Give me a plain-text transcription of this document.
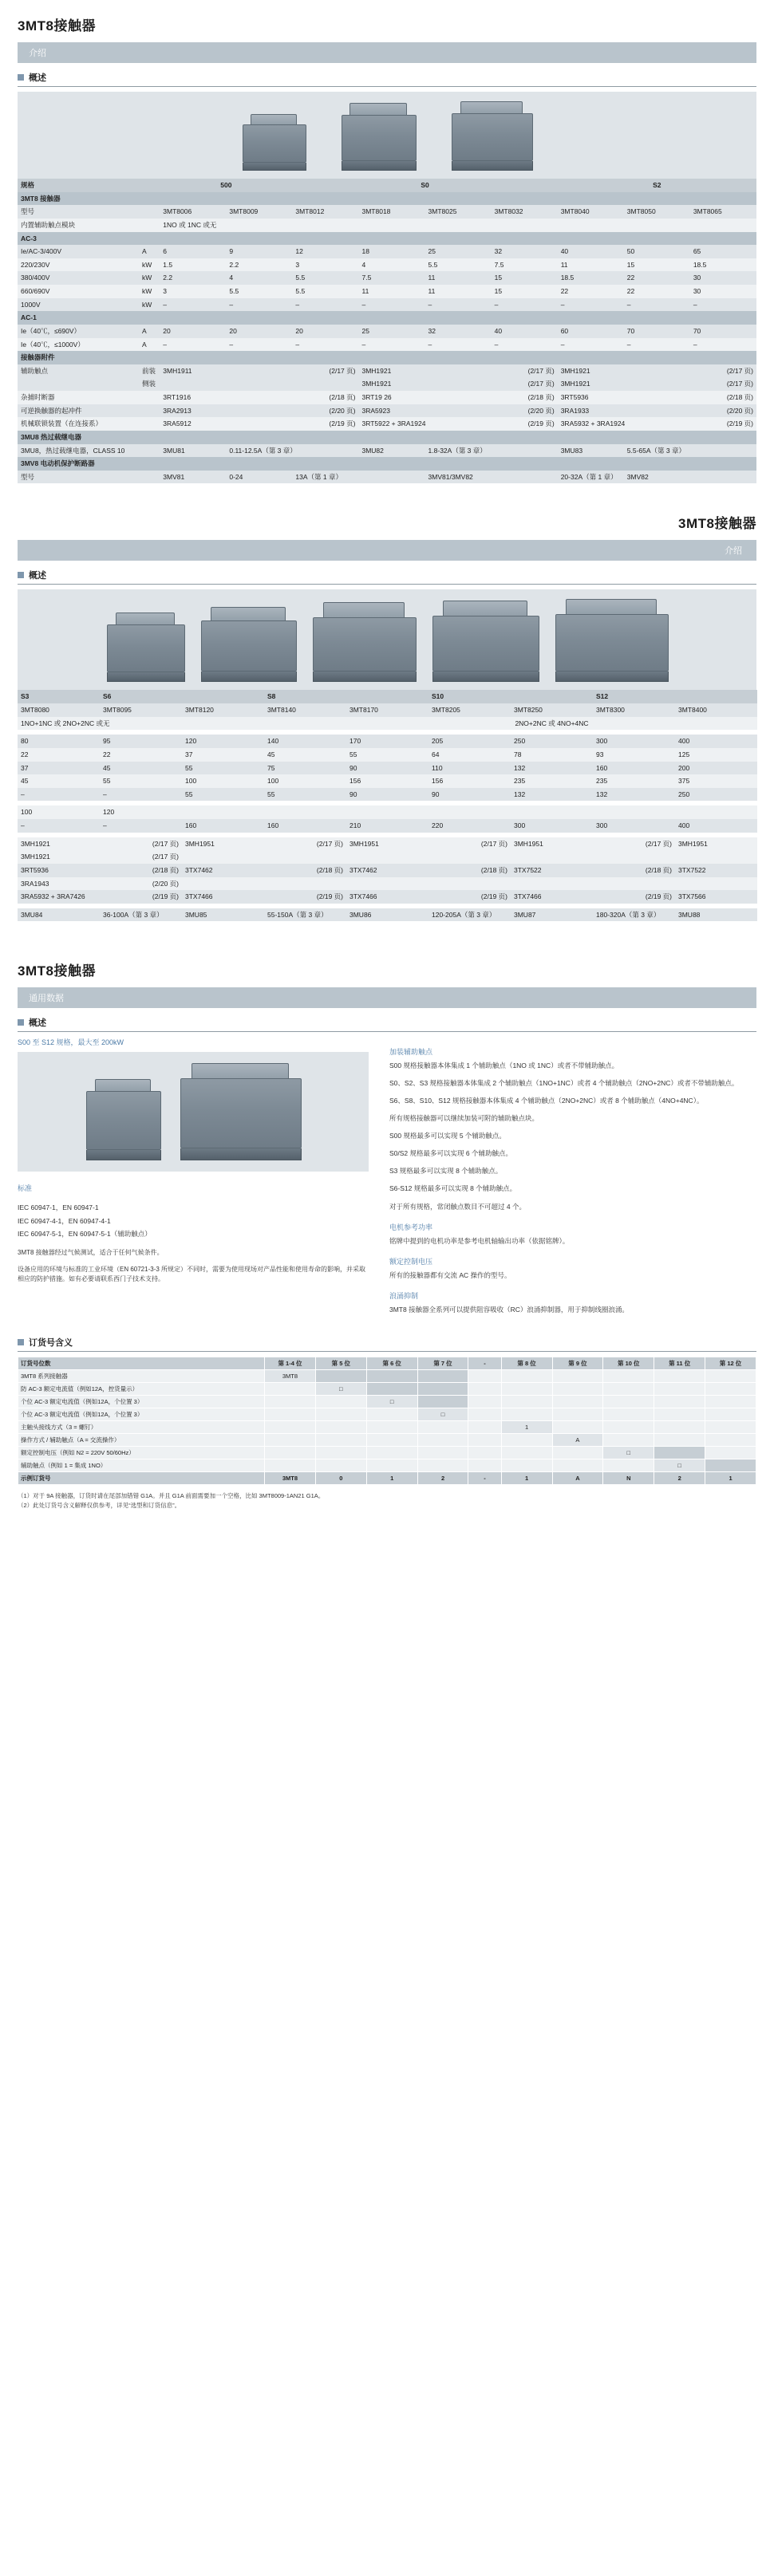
3MT8接触器
介绍
概述
规格		500		S0				S2		
3MT8 接触器										
型号		3MT8006	3MT8009	3MT8012	3MT8018	3MT8025	3MT8032	3MT8040	3MT8050	3MT8065
内置辅助触点模块		1NO 或 1NC 或无								
AC-3										
Ie/AC-3/400V	A	6	9	12	18	25	32	40	50	65
220/230V	kW	1.5	2.2	3	4	5.5	7.5	11	15	18.5
380/400V	kW	2.2	4	5.5	7.5	11	15	18.5	22	30
660/690V	kW	3	5.5	5.5	11	11	15	22	22	30
1000V	kW	–	–	–	–	–	–	–	–	–
AC-1										
Ie（40℃，≤690V）	A	20	20	20	25	32	40	60	70	70
Ie（40℃，≤1000V）	A	–	–	–	–	–	–	–	–	–
接触器附件										
辅助触点	前装	3MH1911		(2/17 页)	3MH1921		(2/17 页)	3MH1921		(2/17 页)
	侧装				3MH1921		(2/17 页)	3MH1921		(2/17 页)
杂捕时断器		3RT1916		(2/18 页)	3RT19 26		(2/18 页)	3RT5936		(2/18 页)
可逆换触器的起冲件		3RA2913		(2/20 页)	3RA5923		(2/20 页)	3RA1933		(2/20 页)
机械联锁装置（在连接系）		3RA5912		(2/19 页)	3RT5922 + 3RA1924		(2/19 页)	3RA5932 + 3RA1924		(2/19 页)
3MU8 热过载继电器										
3MU8，热过载继电器，CLASS 10		3MU81	0.11-12.5A（第 3 章）		3MU82	1.8-32A（第 3 章）		3MU83	5.5-65A（第 3 章）	
3MV8 电动机保护断路器										
型号		3MV81	0-24	13A（第 1 章）		3MV81/3MV82		20-32A（第 1 章）	3MV82	
3MT8接触器
介绍
概述
S3	S6		S8		S10		S12	
3MT8080	3MT8095	3MT8120	3MT8140	3MT8170	3MT8205	3MT8250	3MT8300	3MT8400
1NO+1NC 或 2NO+2NC 或无				2NO+2NC 或 4NO+4NC				

80	95	120	140	170	205	250	300	400
22	22	37	45	55	64	78	93	125
37	45	55	75	90	110	132	160	200
45	55	100	100	156	156	235	235	375
–	–	55	55	90	90	132	132	250

100	120							
–	–	160	160	210	220	300	300	400

3MH1921	(2/17 页)	3MH1951	(2/17 页)	3MH1951	(2/17 页)	3MH1951	(2/17 页)	3MH1951
3MH1921	(2/17 页)							
3RT5936	(2/18 页)	3TX7462	(2/18 页)	3TX7462	(2/18 页)	3TX7522	(2/18 页)	3TX7522
3RA1943	(2/20 页)							
3RA5932 + 3RA7426	(2/19 页)	3TX7466	(2/19 页)	3TX7466	(2/19 页)	3TX7466	(2/19 页)	3TX7566

3MU84	36-100A（第 3 章）	3MU85	55-150A（第 3 章）	3MU86	120-205A（第 3 章）	3MU87	180-320A（第 3 章）	3MU88
3MT8接触器
通用数据
概述
S00 至 S12 规格，最大至 200kW
标准
IEC 60947-1，EN 60947-1
IEC 60947-4-1，EN 60947-4-1
IEC 60947-5-1，EN 60947-5-1（辅助触点）

3MT8 接触器经过气候测试，适合于任何气候条件。

设备应用的环境与标准的工业环境（EN 60721-3-3 所规定）不同时，需要为使用现场对产品性能和使用寿命的影响，并采取相应的防护措施。如有必要请联系西门子技术支持。

加装辅助触点

S00 规格接触器本体集成 1 个辅助触点（1NO 或 1NC）或者不带辅助触点。

S0、S2、S3 规格接触器本体集成 2 个辅助触点（1NO+1NC）或者 4 个辅助触点（2NO+2NC）或者不带辅助触点。

S6、S8、S10、S12 规格接触器本体集成 4 个辅助触点（2NO+2NC）或者 8 个辅助触点（4NO+4NC）。

所有规格接触器可以继续加装可附的辅助触点块。

S00 规格最多可以实现 5 个辅助触点。

S0/S2 规格最多可以实现 6 个辅助触点。

S3 规格最多可以实现 8 个辅助触点。

S6-S12 规格最多可以实现 8 个辅助触点。

对于所有规格，常闭触点数目不可超过 4 个。

电机参考功率

铭牌中提到的电机功率是参考电机轴输出功率（依据铭牌）。

额定控制电压

所有的接触器都有交流 AC 操作的型号。

浪涌抑制

3MT8 接触器全系列可以提供阻容吸收（RC）浪涌抑制器，用于抑制线圈浪涌。

订货号含义
订货号位数	第 1-4 位	第 5 位	第 6 位	第 7 位	-	第 8 位	第 9 位	第 10 位	第 11 位	第 12 位
3MT8 系列接触器	3MT8									
防 AC-3 额定电流值（例如12A，控货量示）		□								
个位 AC-3 额定电流值（例如12A，个位置 3）			□							
个位 AC-3 额定电流值（例如12A，个位置 3）				□						
主触头接线方式（3 = 螺钉）						1				
操作方式 / 辅助触点（A = 交流操作）							A			
额定控制电压（例如 N2 = 220V 50/60Hz）								□		
辅助触点（例如 1 = 集成 1NO）									□	
示例订货号	3MT8	0	1	2	-	1	A	N	2	1
（1）对于 9A 接触器，订货时请在尾部加错错 G1A。并且 G1A 前面需要加一个空格，比如 3MT8009-1AN21 G1A。
（2）此处订货号含义解释仅供参考，详见“选型和订货信息”。
